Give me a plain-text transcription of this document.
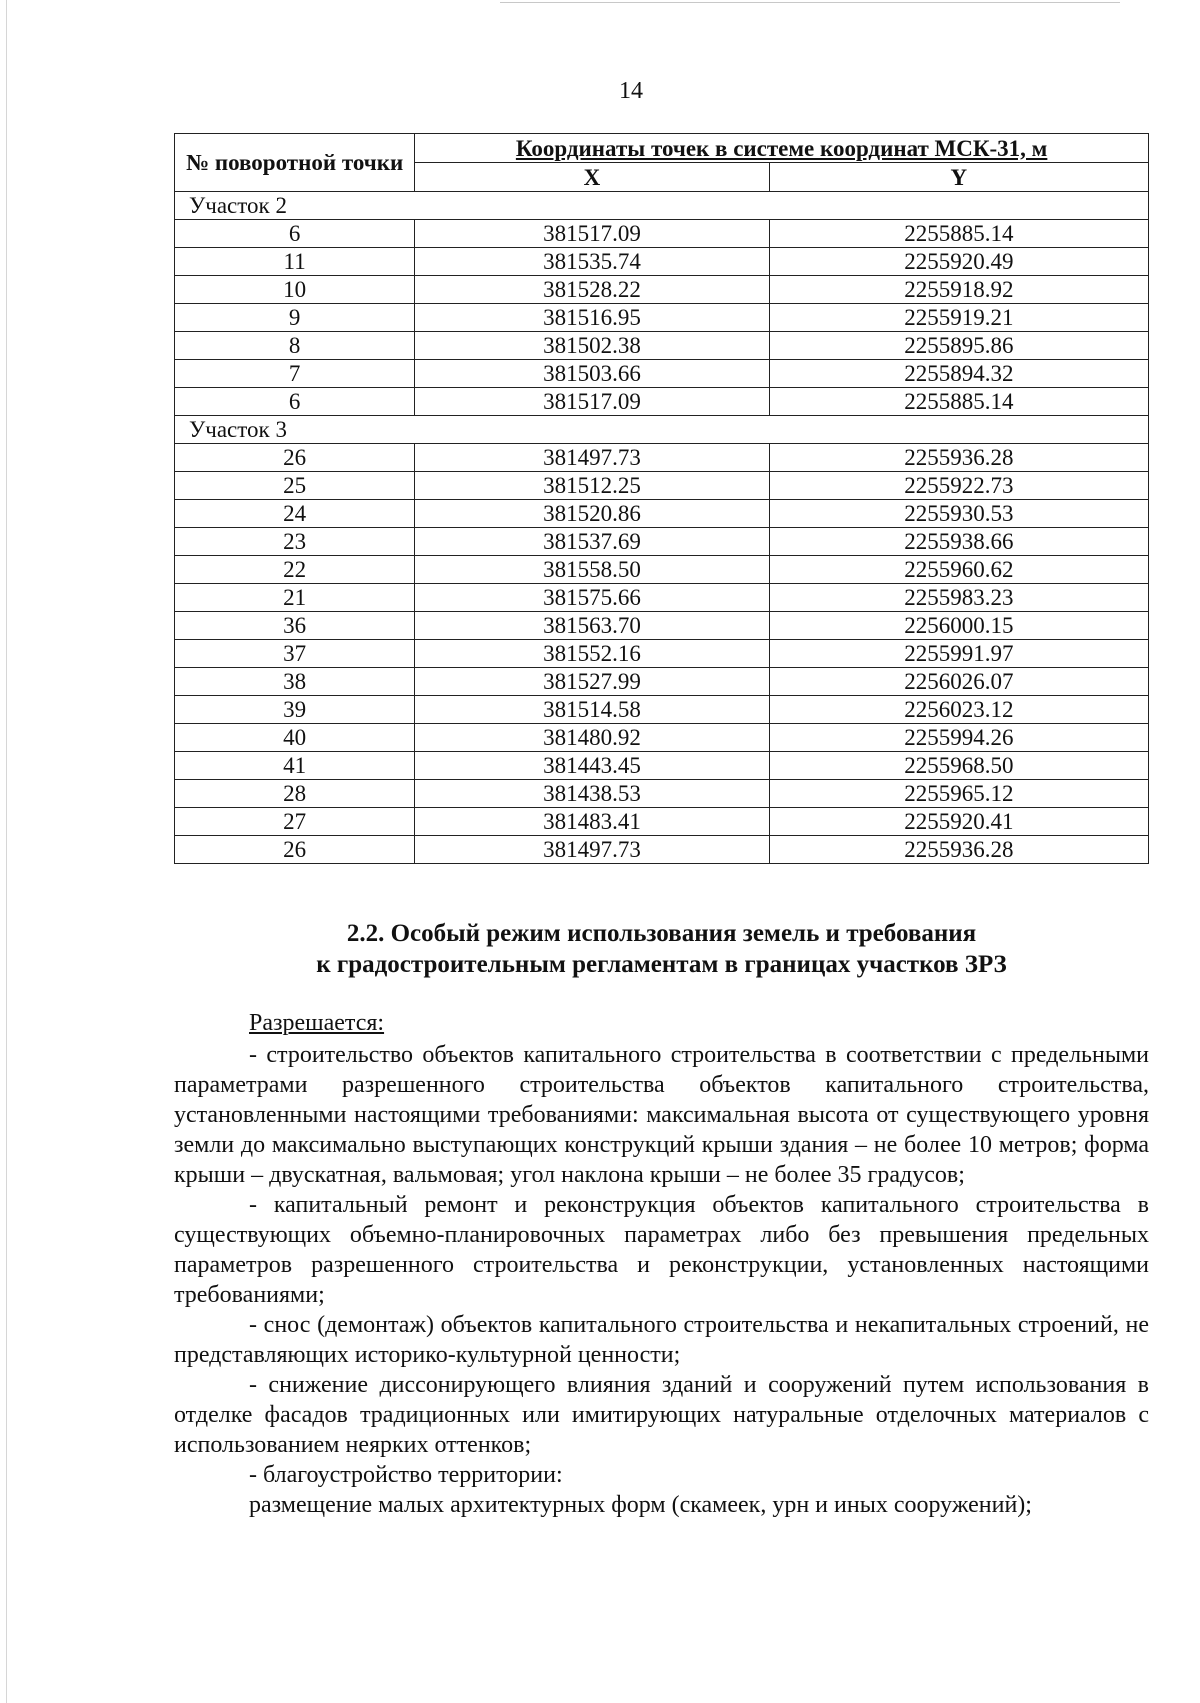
14
№ поворотной точки	Координаты точек в системе координат МСК-31, м	
	X	Y
Участок 2		
6	381517.09	2255885.14
11	381535.74	2255920.49
10	381528.22	2255918.92
9	381516.95	2255919.21
8	381502.38	2255895.86
7	381503.66	2255894.32
6	381517.09	2255885.14
Участок 3		
26	381497.73	2255936.28
25	381512.25	2255922.73
24	381520.86	2255930.53
23	381537.69	2255938.66
22	381558.50	2255960.62
21	381575.66	2255983.23
36	381563.70	2256000.15
37	381552.16	2255991.97
38	381527.99	2256026.07
39	381514.58	2256023.12
40	381480.92	2255994.26
41	381443.45	2255968.50
28	381438.53	2255965.12
27	381483.41	2255920.41
26	381497.73	2255936.28
2.2. Особый режим использования земель и требования
к градостроительным регламентам в границах участков ЗРЗ
Разрешается:

- строительство объектов капитального строительства в соответствии с предельными параметрами разрешенного строительства объектов капитального строительства, установленными настоящими требованиями: максимальная высота от существующего уровня земли до максимально выступающих конструкций крыши здания – не более 10 метров; форма крыши – двускатная, вальмовая; угол наклона крыши – не более 35 градусов;

- капитальный ремонт и реконструкция объектов капитального строительства в существующих объемно-планировочных параметрах либо без превышения предельных параметров разрешенного строительства и реконструкции, установленных настоящими требованиями;

- снос (демонтаж) объектов капитального строительства и некапитальных строений, не представляющих историко-культурной ценности;

- снижение диссонирующего влияния зданий и сооружений путем использования в отделке фасадов традиционных или имитирующих натуральные отделочных материалов с использованием неярких оттенков;

- благоустройство территории:

размещение малых архитектурных форм (скамеек, урн и иных сооружений);
